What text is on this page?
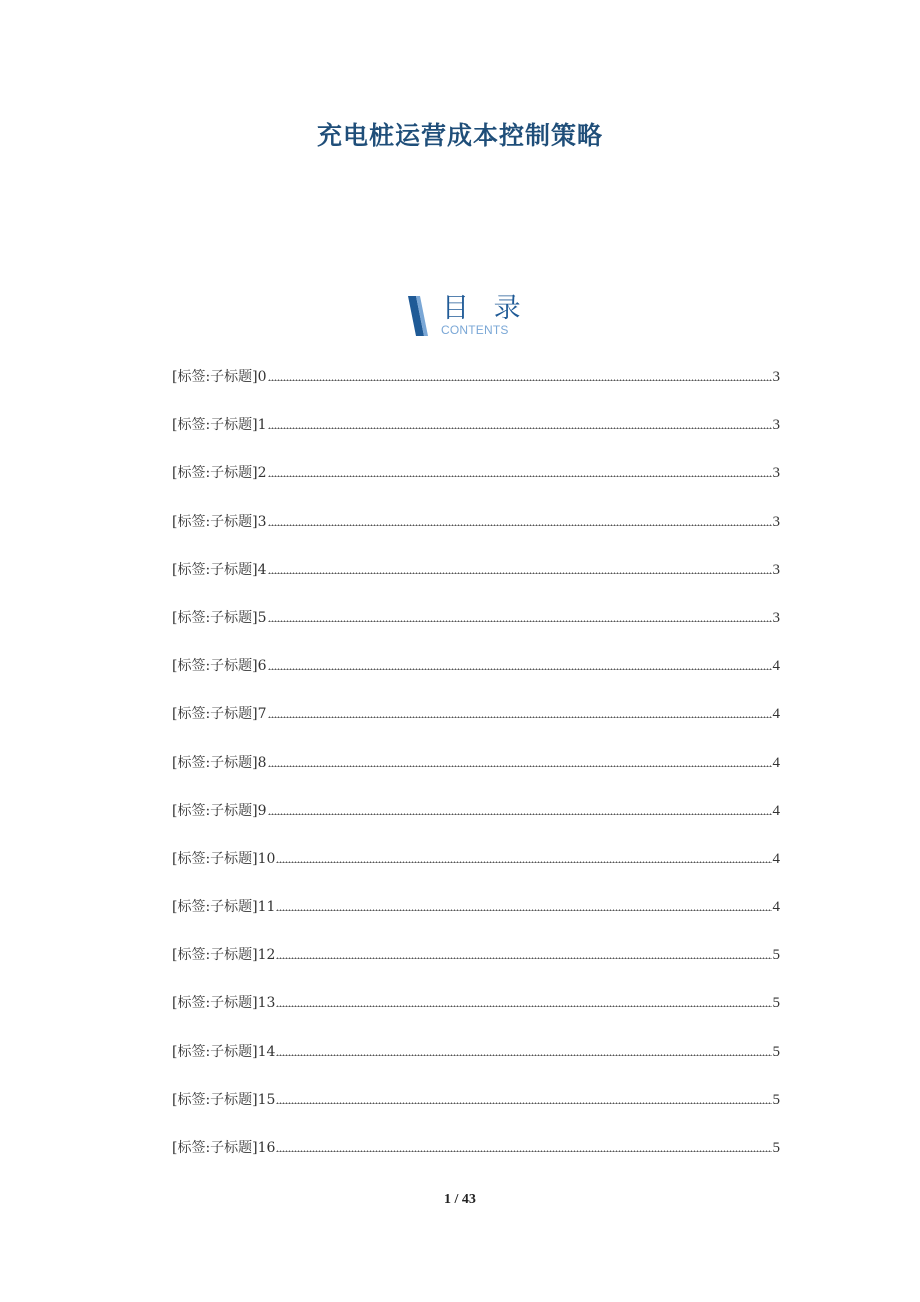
充电桩运营成本控制策略
目 录
CONTENTS
[标签:子标题]0	3
[标签:子标题]1	3
[标签:子标题]2	3
[标签:子标题]3	3
[标签:子标题]4	3
[标签:子标题]5	3
[标签:子标题]6	4
[标签:子标题]7	4
[标签:子标题]8	4
[标签:子标题]9	4
[标签:子标题]10	4
[标签:子标题]11	4
[标签:子标题]12	5
[标签:子标题]13	5
[标签:子标题]14	5
[标签:子标题]15	5
[标签:子标题]16	5
1 / 43
